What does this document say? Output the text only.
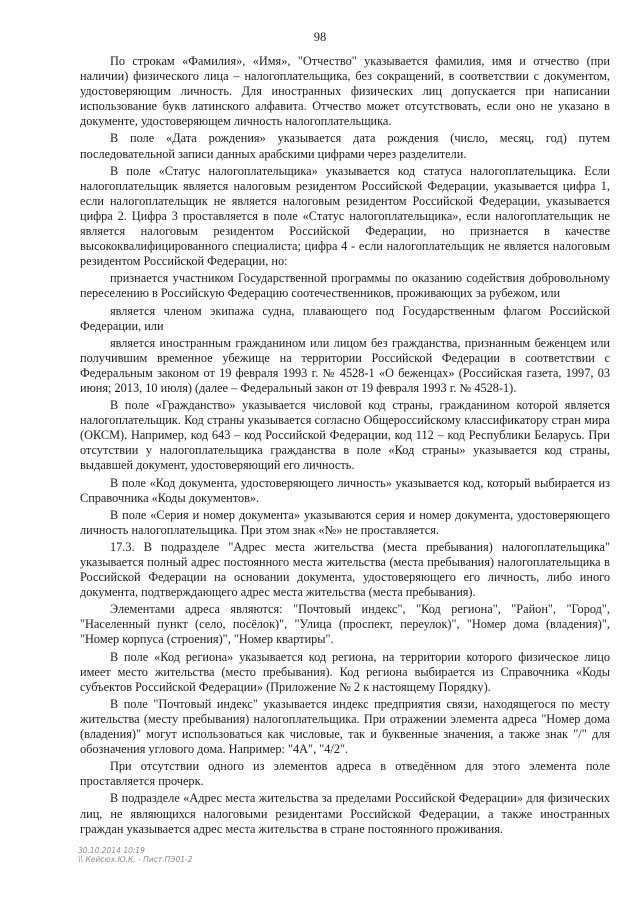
98

По строкам «Фамилия», «Имя», "Отчество" указывается фамилия, имя и отчество (при наличии) физического лица – налогоплательщика, без сокращений, в соответствии с документом, удостоверяющим личность. Для иностранных физических лиц допускается при написании использование букв латинского алфавита. Отчество может отсутствовать, если оно не указано в документе, удостоверяющем личность налогоплательщика.

В поле «Дата рождения» указывается дата рождения (число, месяц, год) путем последовательной записи данных арабскими цифрами через разделители.

В поле «Статус налогоплательщика» указывается код статуса налогоплательщика. Если налогоплательщик является налоговым резидентом Российской Федерации, указывается цифра 1, если налогоплательщик не является налоговым резидентом Российской Федерации, указывается цифра 2. Цифра 3 проставляется в поле «Статус налогоплательщика», если налогоплательщик не является налоговым резидентом Российской Федерации, но признается в качестве высококвалифицированного специалиста; цифра 4 - если налогоплательщик не является налоговым резидентом Российской Федерации, но:

признается участником Государственной программы по оказанию содействия добровольному переселению в Российскую Федерацию соотечественников, проживающих за рубежом, или

является членом экипажа судна, плавающего под Государственным флагом Российской Федерации, или

является иностранным гражданином или лицом без гражданства, признанным беженцем или получившим временное убежище на территории Российской Федерации в соответствии с Федеральным законом от 19 февраля 1993 г. № 4528-1 «О беженцах» (Российская газета, 1997, 03 июня; 2013, 10 июля) (далее – Федеральный закон от 19 февраля 1993 г. № 4528-1).

В поле «Гражданство» указывается числовой код страны, гражданином которой является налогоплательщик. Код страны указывается согласно Общероссийскому классификатору стран мира (ОКСМ). Например, код 643 – код Российской Федерации, код 112 – код Республики Беларусь. При отсутствии у налогоплательщика гражданства в поле «Код страны» указывается код страны, выдавшей документ, удостоверяющий его личность.

В поле «Код документа, удостоверяющего личность» указывается код, который выбирается из Справочника «Коды документов».

В поле «Серия и номер документа» указываются серия и номер документа, удостоверяющего личность налогоплательщика. При этом знак «№» не проставляется.

17.3. В подразделе "Адрес места жительства (места пребывания) налогоплательщика" указывается полный адрес постоянного места жительства (места пребывания) налогоплательщика в Российской Федерации на основании документа, удостоверяющего его личность, либо иного документа, подтверждающего адрес места жительства (места пребывания).

Элементами адреса являются: "Почтовый индекс", "Код региона", "Район", "Город", "Населенный пункт (село, посёлок)", "Улица (проспект, переулок)", "Номер дома (владения)", "Номер корпуса (строения)", "Номер квартиры".

В поле «Код региона» указывается код региона, на территории которого физическое лицо имеет место жительства (место пребывания). Код региона выбирается из Справочника «Коды субъектов Российской Федерации» (Приложение № 2 к настоящему Порядку).

В поле "Почтовый индекс" указывается индекс предприятия связи, находящегося по месту жительства (месту пребывания) налогоплательщика. При отражении элемента адреса "Номер дома (владения)" могут использоваться как числовые, так и буквенные значения, а также знак "/" для обозначения углового дома. Например: "4А", "4/2".

При отсутствии одного из элементов адреса в отведённом для этого элемента поле проставляется прочерк.

В подразделе «Адрес места жительства за пределами Российской Федерации» для физических лиц, не являющихся налоговыми резидентами Российской Федерации, а также иностранных граждан указывается адрес места жительства в стране постоянного проживания.

30.10.2014 10:19
\\ Кейсюх.Ю.К. - Пист.ПЭ01-2
